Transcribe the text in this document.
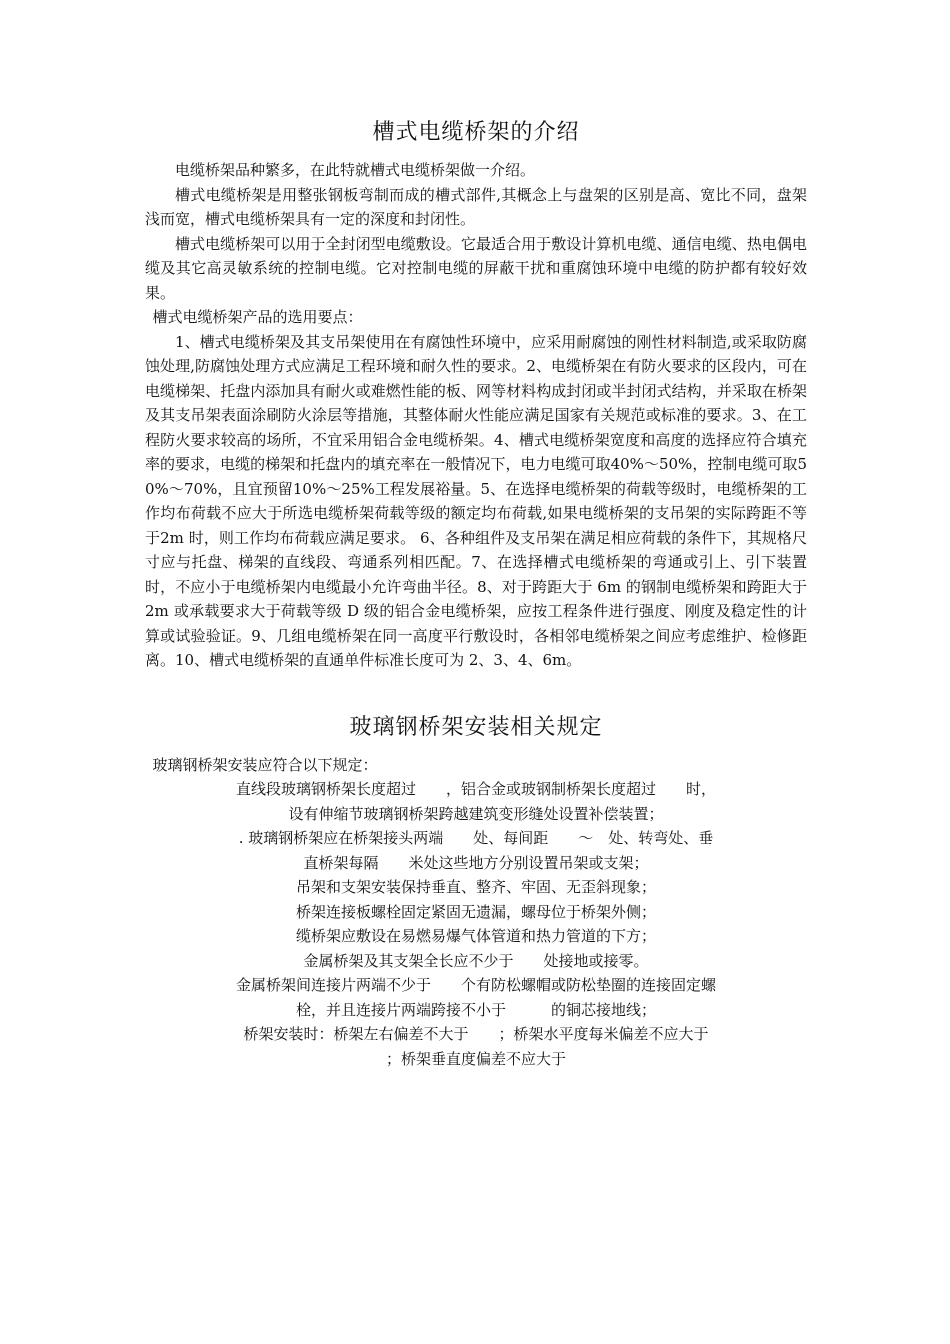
槽式电缆桥架的介绍

电缆桥架品种繁多，在此特就槽式电缆桥架做一介绍。

槽式电缆桥架是用整张钢板弯制而成的槽式部件,其概念上与盘架的区别是高、宽比不同，盘架浅而宽，槽式电缆桥架具有一定的深度和封闭性。

槽式电缆桥架可以用于全封闭型电缆敷设。它最适合用于敷设计算机电缆、通信电缆、热电偶电缆及其它高灵敏系统的控制电缆。它对控制电缆的屏蔽干扰和重腐蚀环境中电缆的防护都有较好效果。

槽式电缆桥架产品的选用要点：

1、槽式电缆桥架及其支吊架使用在有腐蚀性环境中，应采用耐腐蚀的刚性材料制造,或采取防腐蚀处理,防腐蚀处理方式应满足工程环境和耐久性的要求。2、电缆桥架在有防火要求的区段内，可在电缆梯架、托盘内添加具有耐火或难燃性能的板、网等材料构成封闭或半封闭式结构，并采取在桥架及其支吊架表面涂刷防火涂层等措施，其整体耐火性能应满足国家有关规范或标准的要求。3、在工程防火要求较高的场所，不宜采用铝合金电缆桥架。4、槽式电缆桥架宽度和高度的选择应符合填充率的要求，电缆的梯架和托盘内的填充率在一般情况下，电力电缆可取40%～50%，控制电缆可取50%～70%，且宜预留10%～25%工程发展裕量。5、在选择电缆桥架的荷载等级时，电缆桥架的工作均布荷载不应大于所选电缆桥架荷载等级的额定均布荷载,如果电缆桥架的支吊架的实际跨距不等于2m 时，则工作均布荷载应满足要求。 6、各种组件及支吊架在满足相应荷载的条件下，其规格尺寸应与托盘、梯架的直线段、弯通系列相匹配。7、在选择槽式电缆桥架的弯通或引上、引下装置时，不应小于电缆桥架内电缆最小允许弯曲半径。8、对于跨距大于 6m 的钢制电缆桥架和跨距大于 2m 或承载要求大于荷载等级 D 级的铝合金电缆桥架，应按工程条件进行强度、刚度及稳定性的计算或试验验证。9、几组电缆桥架在同一高度平行敷设时，各相邻电缆桥架之间应考虑维护、检修距离。10、槽式电缆桥架的直通单件标准长度可为 2、3、4、6m。

玻璃钢桥架安装相关规定

玻璃钢桥架安装应符合以下规定：

直线段玻璃钢桥架长度超过　　，铝合金或玻钢制桥架长度超过　　时，
设有伸缩节玻璃钢桥架跨越建筑变形缝处设置补偿装置；

. 玻璃钢桥架应在桥架接头两端　　处、每间距　　～　处、转弯处、垂
直桥架每隔　　米处这些地方分别设置吊架或支架；

吊架和支架安装保持垂直、整齐、牢固、无歪斜现象；

桥架连接板螺栓固定紧固无遗漏，螺母位于桥架外侧；

缆桥架应敷设在易燃易爆气体管道和热力管道的下方；

金属桥架及其支架全长应不少于　　处接地或接零。

金属桥架间连接片两端不少于　　个有防松螺帽或防松垫圈的连接固定螺
栓，并且连接片两端跨接不小于　　　的铜芯接地线；

桥架安装时：桥架左右偏差不大于　　；桥架水平度每米偏差不应大于
；桥架垂直度偏差不应大于
